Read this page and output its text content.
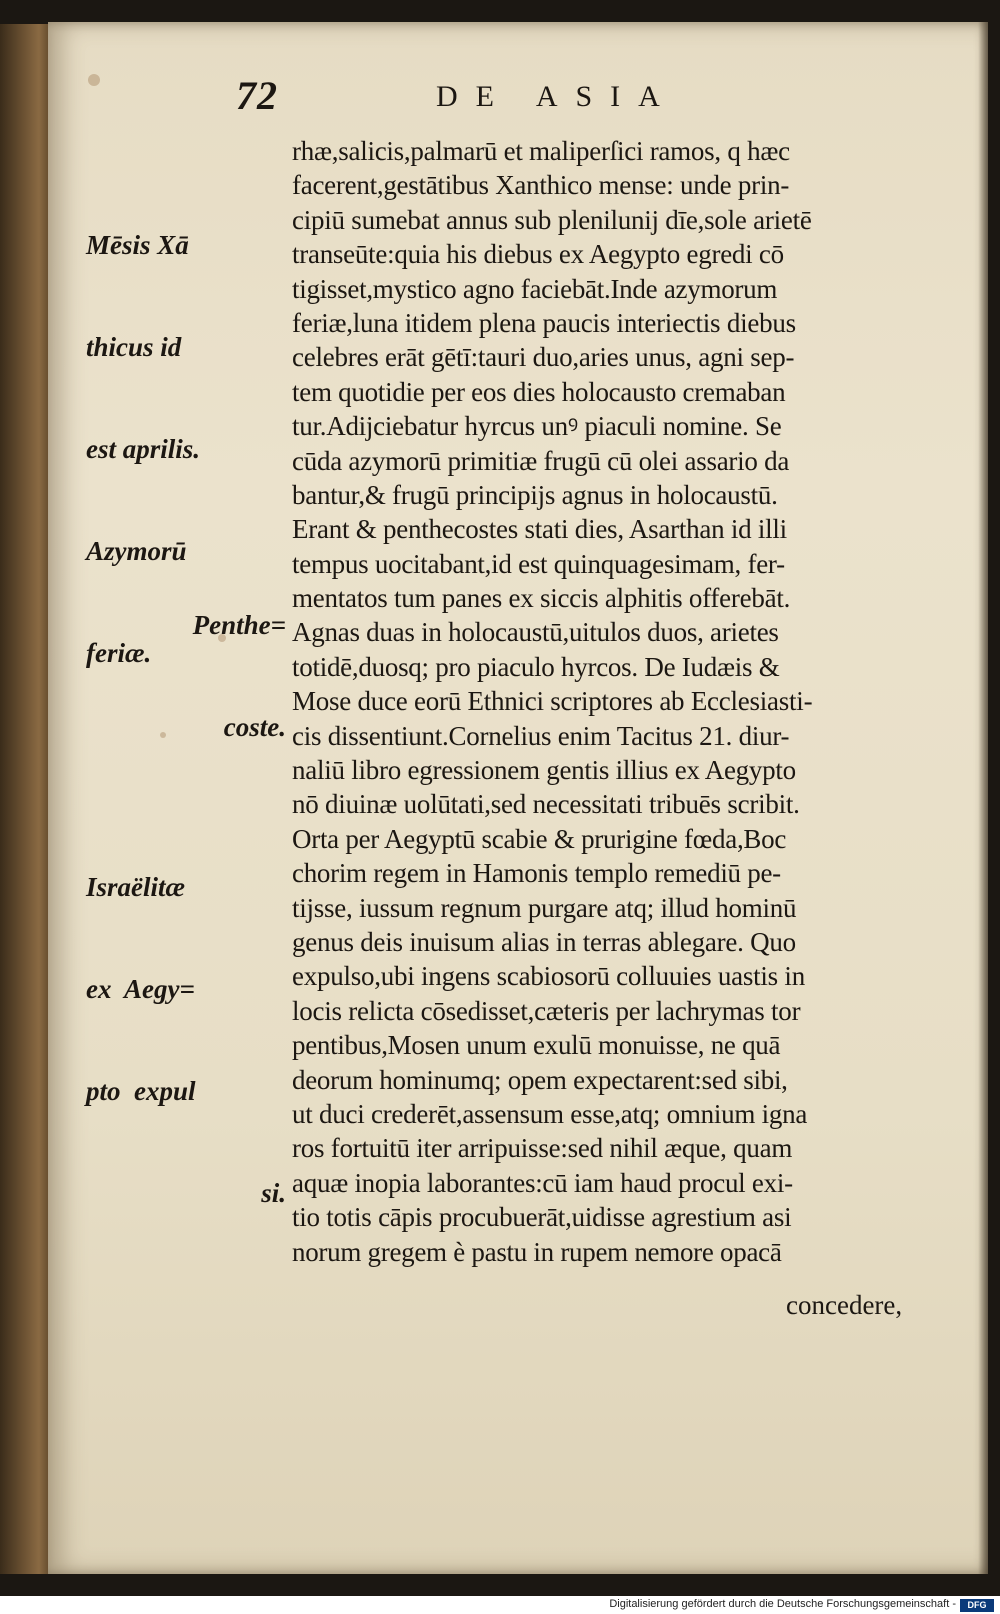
72	DE ASIA

Mēsis Xā

thicus id

est aprilis.

Azymorū

feriæ.

Penthe=

coste.

Israëlitæ

ex  Aegy=

pto  expul

si.

rhæ,salicis,palmarū et maliperſici ramos, q hæc
facerent,gestātibus Xanthico mense: unde prin-
cipiū sumebat annus sub plenilunij dīe,sole arietē
transeūte:quia his diebus ex Aegypto egredi cō
tigisset,mystico agno faciebāt.Inde azymorum
feriæ,luna itidem plena paucis interiectis diebus
celebres erāt gētī:tauri duo,aries unus, agni sep-
tem quotidie per eos dies holocausto cremaban
tur.Adijciebatur hyrcus unꝰ piaculi nomine. Se
cūda azymorū primitiæ frugū cū olei assario da
bantur,& frugū principijs agnus in holocaustū.
Erant & penthecostes stati dies, Asarthan id illi
tempus uocitabant,id est quinquagesimam, fer-
mentatos tum panes ex siccis alphitis offerebāt.
Agnas duas in holocaustū,uitulos duos, arietes
totidē,duosq; pro piaculo hyrcos. De Iudæis &
Mose duce eorū Ethnici scriptores ab Ecclesiasti-
cis dissentiunt.Cornelius enim Tacitus 21. diur-
naliū libro egressionem gentis illius ex Aegypto
nō diuinæ uolūtati,sed necessitati tribuēs scribit.
Orta per Aegyptū scabie & prurigine fœda,Boc
chorim regem in Hamonis templo remediū pe-
tijsse, iussum regnum purgare atq; illud hominū
genus deis inuisum alias in terras ablegare. Quo
expulso,ubi ingens scabiosorū colluuies uastis in
locis relicta cōsedisset,cæteris per lachrymas tor
pentibus,Mosen unum exulū monuisse, ne quā
deorum hominumq; opem expectarent:sed sibi,
ut duci crederēt,assensum esse,atq; omnium igna
ros fortuitū iter arripuisse:sed nihil æque, quam
aquæ inopia laborantes:cū iam haud procul exi-
tio totis cāpis procubuerāt,uidisse agrestium asi
norum gregem è pastu in rupem nemore opacā
concedere,
Digitalisierung gefördert durch die Deutsche Forschungsgemeinschaft -	DFG
